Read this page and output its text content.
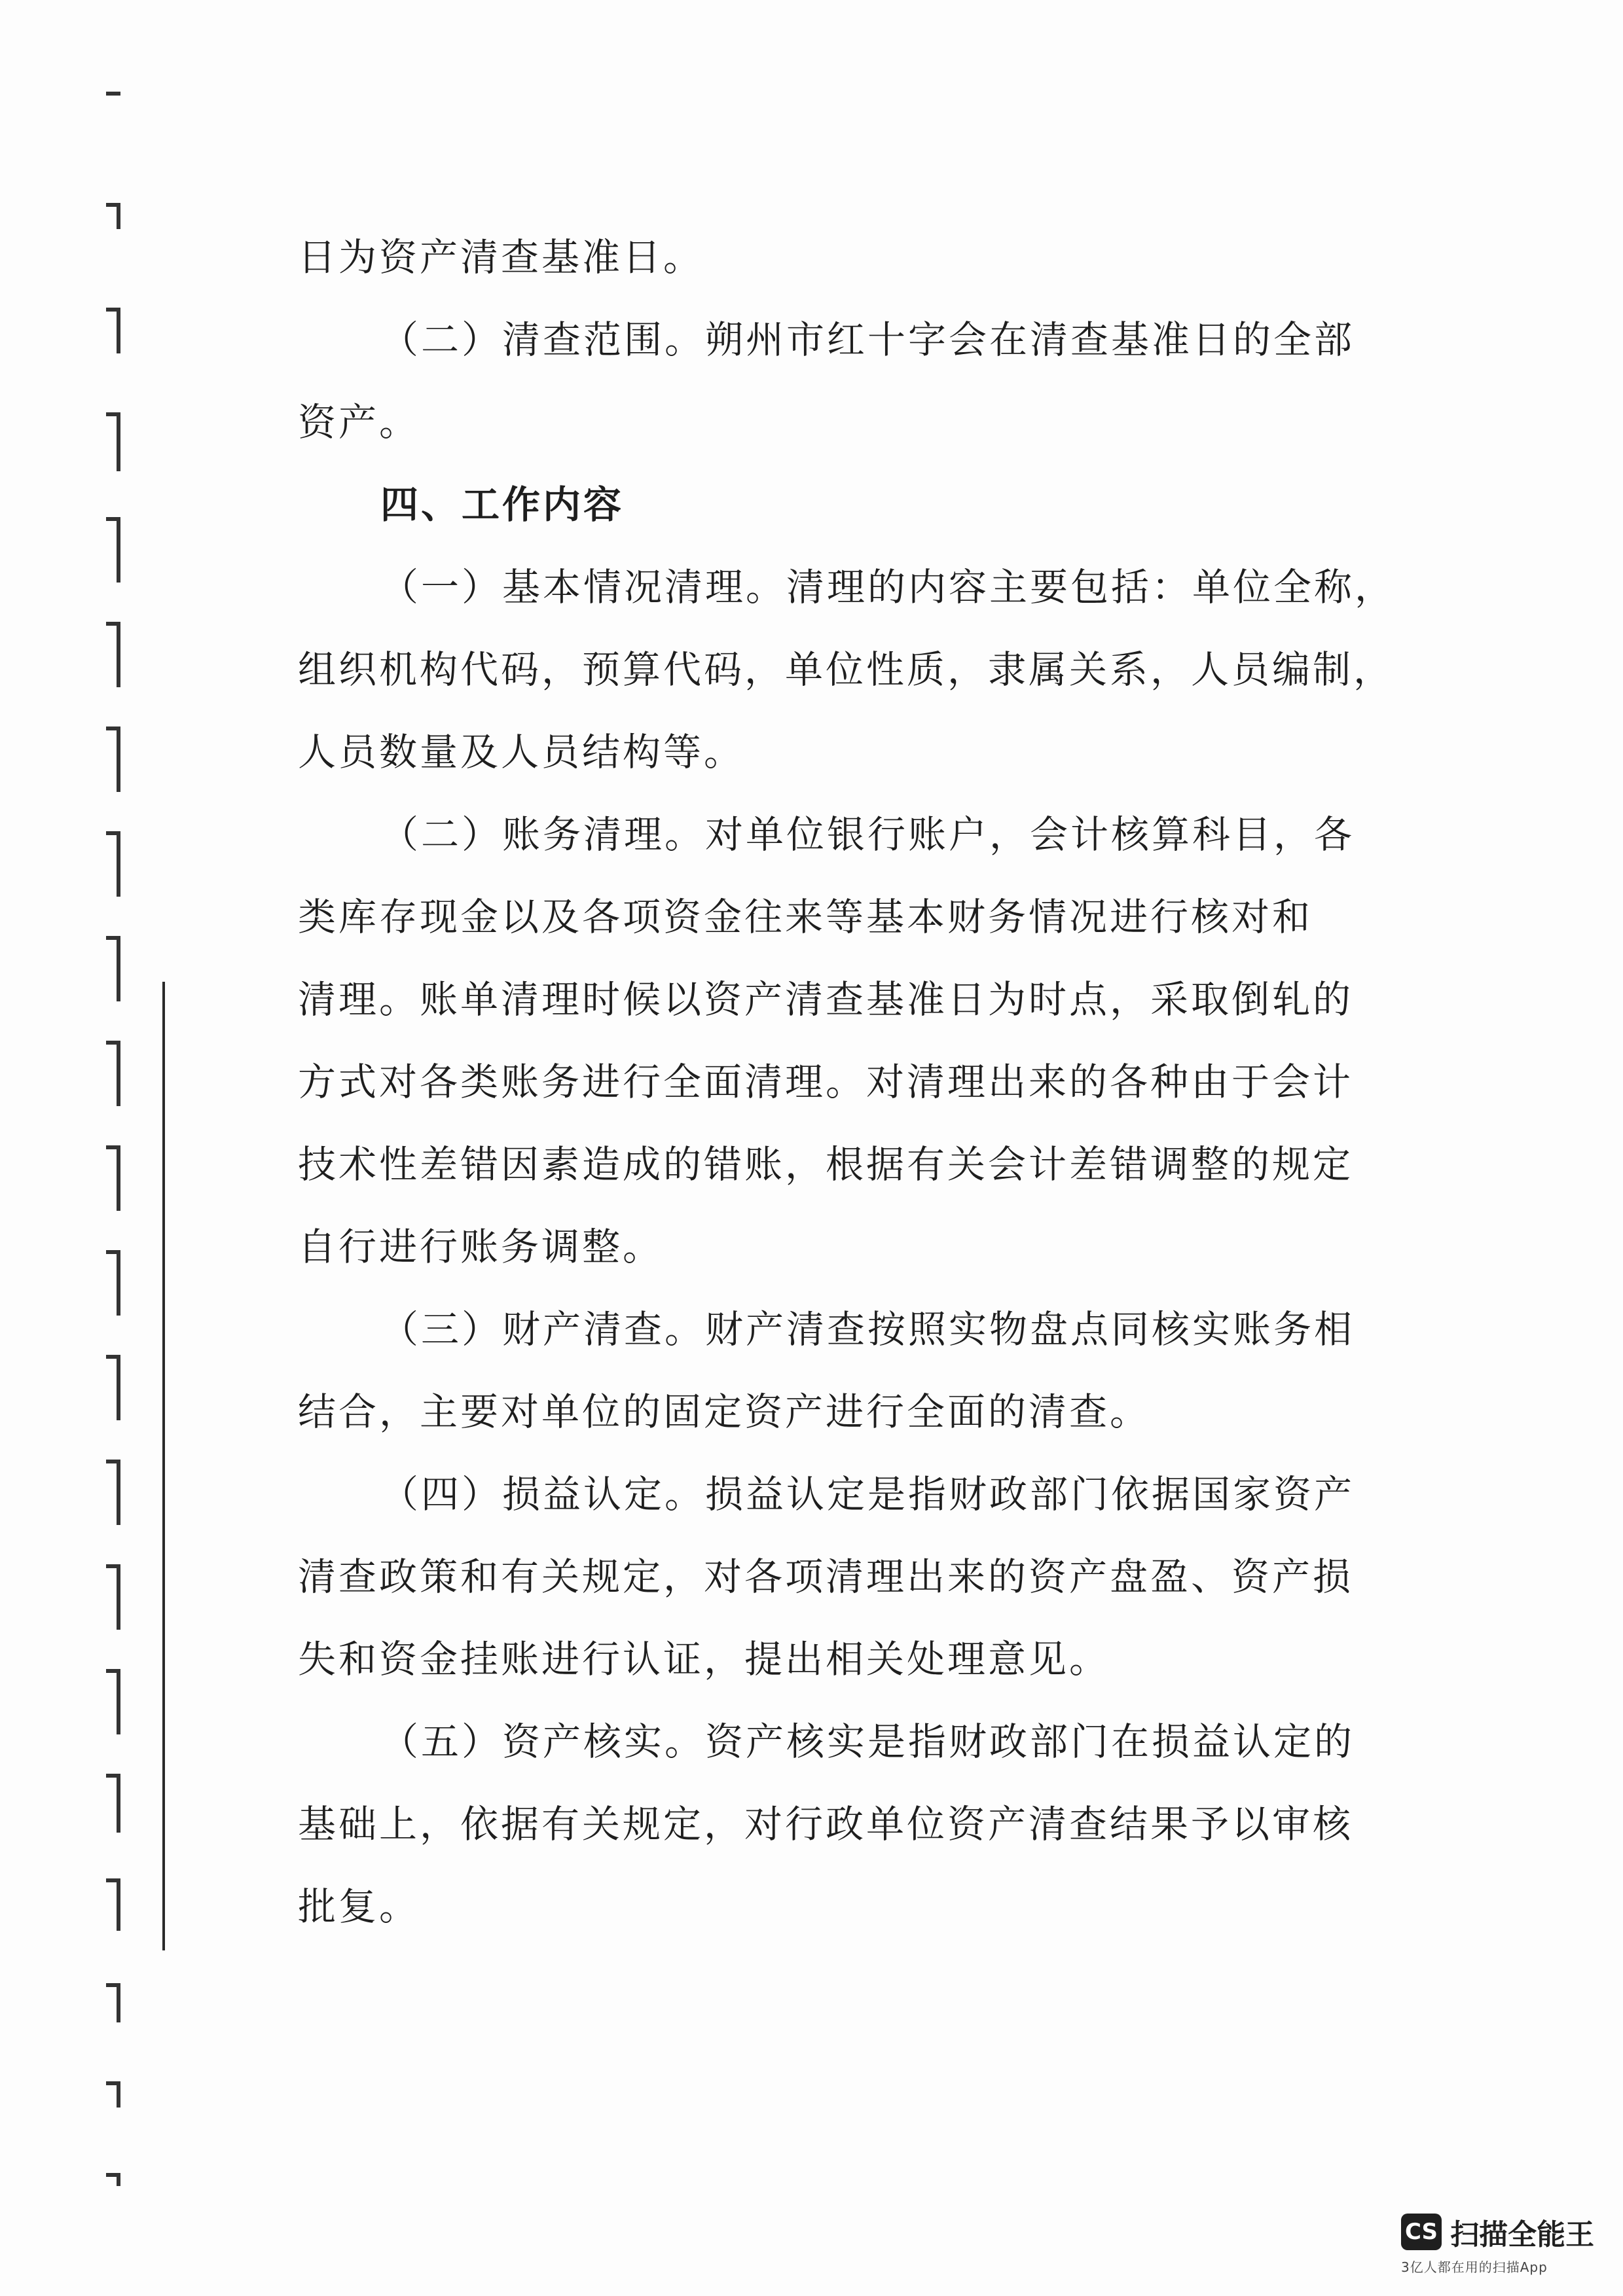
日为资产清查基准日。
（二）清查范围。朔州市红十字会在清查基准日的全部
资产。
四、工作内容
（一）基本情况清理。清理的内容主要包括：单位全称，
组织机构代码，预算代码，单位性质，隶属关系，人员编制，
人员数量及人员结构等。
（二）账务清理。对单位银行账户，会计核算科目，各
类库存现金以及各项资金往来等基本财务情况进行核对和
清理。账单清理时候以资产清查基准日为时点，采取倒轧的
方式对各类账务进行全面清理。对清理出来的各种由于会计
技术性差错因素造成的错账，根据有关会计差错调整的规定
自行进行账务调整。
（三）财产清查。财产清查按照实物盘点同核实账务相
结合，主要对单位的固定资产进行全面的清查。
（四）损益认定。损益认定是指财政部门依据国家资产
清查政策和有关规定，对各项清理出来的资产盘盈、资产损
失和资金挂账进行认证，提出相关处理意见。
（五）资产核实。资产核实是指财政部门在损益认定的
基础上，依据有关规定，对行政单位资产清查结果予以审核
批复。
CS 扫描全能王
3亿人都在用的扫描App
